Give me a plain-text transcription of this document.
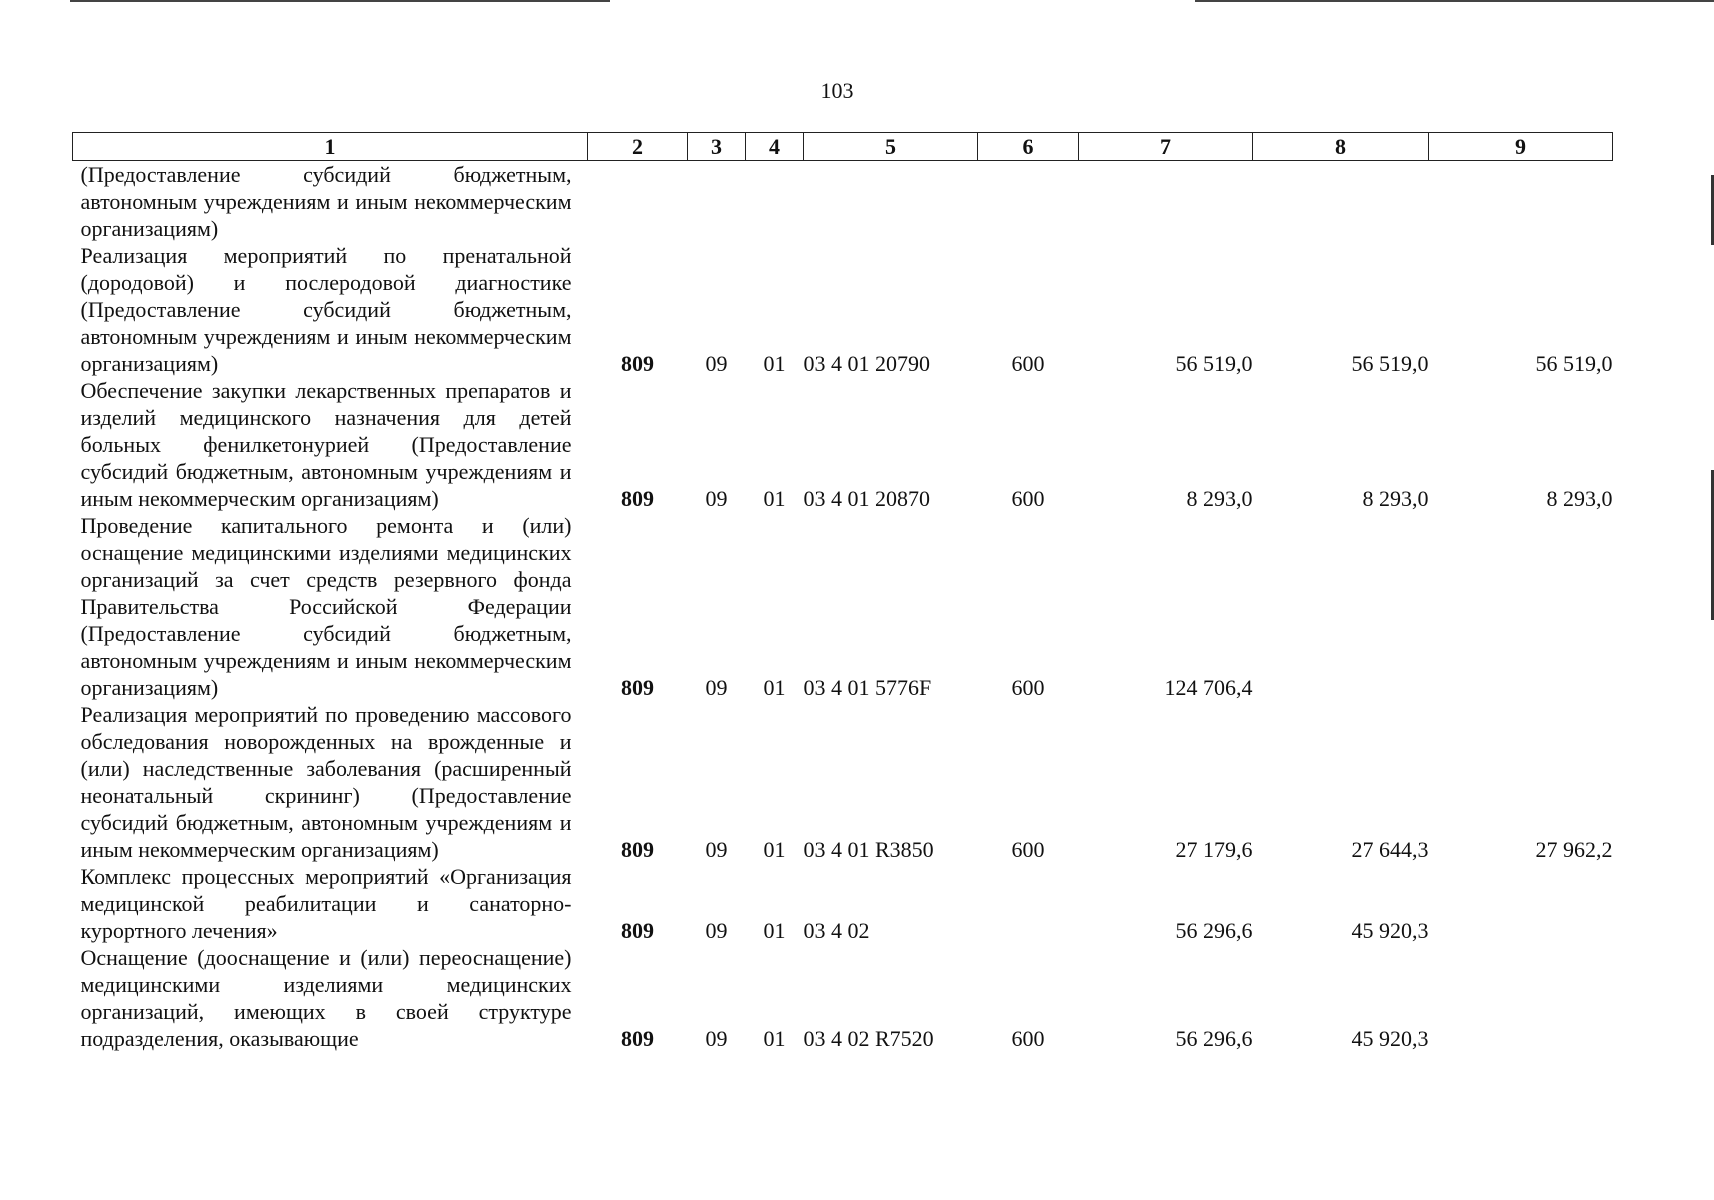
103
1	2	3	4	5	6	7	8	9
(Предоставление субсидий бюджетным, автономным учреждениям и иным некоммерческим организациям)								
Реализация мероприятий по пренатальной (дородовой) и послеродовой диагностике (Предоставление субсидий бюджетным, автономным учреждениям и иным некоммерческим организациям)	809	09	01	03 4 01 20790	600	56 519,0	56 519,0	56 519,0
Обеспечение закупки лекарственных препаратов и изделий медицинского назначения для детей больных фенилкетонурией (Предоставление субсидий бюджетным, автономным учреждениям и иным некоммерческим организациям)	809	09	01	03 4 01 20870	600	8 293,0	8 293,0	8 293,0
Проведение капитального ремонта и (или) оснащение медицинскими изделиями медицинских организаций за счет средств резервного фонда Правительства Российской Федерации (Предоставление субсидий бюджетным, автономным учреждениям и иным некоммерческим организациям)	809	09	01	03 4 01 5776F	600	124 706,4		
Реализация мероприятий по проведению массового обследования новорожденных на врожденные и (или) наследственные заболевания (расширенный неонатальный скрининг) (Предоставление субсидий бюджетным, автономным учреждениям и иным некоммерческим организациям)	809	09	01	03 4 01 R3850	600	27 179,6	27 644,3	27 962,2
Комплекс процессных мероприятий «Организация медицинской реабилитации и санаторно-курортного лечения»	809	09	01	03 4 02		56 296,6	45 920,3	
Оснащение (дооснащение и (или) переоснащение) медицинскими изделиями медицинских организаций, имеющих в своей структуре подразделения, оказывающие	809	09	01	03 4 02 R7520	600	56 296,6	45 920,3	
